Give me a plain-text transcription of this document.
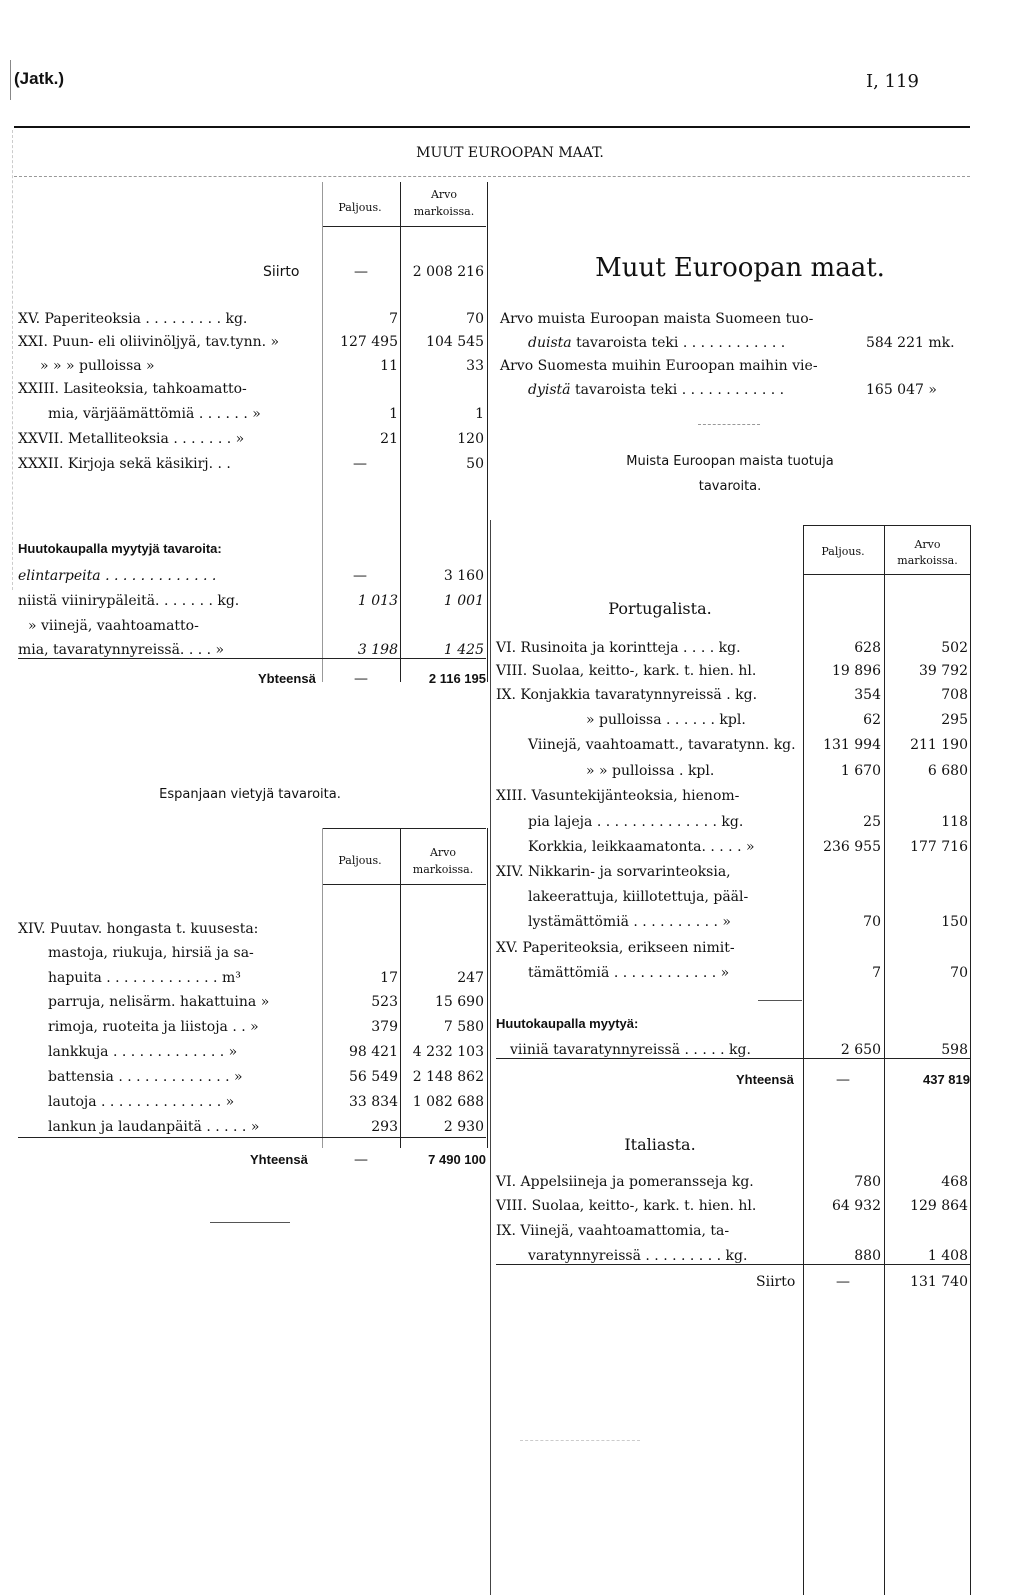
(Jatk.)	I, 119
MUUT EUROOPAN MAAT.
Paljous.
Arvo
markoissa.
Siirto	—	2 008 216
XV. Paperiteoksia . . . . . . . . . kg.	7	70
XXI. Puun- eli oliivinöljyä, tav.tynn. »	127 495	104 545
» » » pulloissa »	11	33
XXIII. Lasiteoksia, tahkoamatto-
mia, värjäämättömiä . . . . . . »	1	1
XXVII. Metalliteoksia . . . . . . . »	21	120
XXXII. Kirjoja sekä käsikirj. . .	—	50
Huutokaupalla myytyjä tavaroita:
elintarpeita . . . . . . . . . . . . .	—	3 160
niistä viinirypäleitä. . . . . . . kg.	1 013	1 001
» viinejä, vaahtoamatto-
mia, tavaratynnyreissä. . . . »	3 198	1 425
Ybteensä	—	2 116 195
Espanjaan vietyjä tavaroita.
Paljous.
Arvo
markoissa.
XIV. Puutav. hongasta t. kuusesta:
mastoja, riukuja, hirsiä ja sa-
hapuita . . . . . . . . . . . . . m³	17	247
parruja, nelisärm. hakattuina »	523	15 690
rimoja, ruoteita ja liistoja . . »	379	7 580
lankkuja . . . . . . . . . . . . . »	98 421	4 232 103
battensia . . . . . . . . . . . . . »	56 549	2 148 862
lautoja . . . . . . . . . . . . . . »	33 834	1 082 688
lankun ja laudanpäitä . . . . . »	293	2 930
Yhteensä	—	7 490 100
Muut Euroopan maat.
Arvo muista Euroopan maista Suomeen tuo-
duista tavaroista teki . . . . . . . . . . . .	584 221 mk.
Arvo Suomesta muihin Euroopan maihin vie-
dyistä tavaroista teki . . . . . . . . . . . .	165 047 »
Muista Euroopan maista tuotuja
tavaroita.
Paljous.
Arvo
markoissa.
Portugalista.
VI. Rusinoita ja korintteja . . . . kg.	628	502
VIII. Suolaa, keitto-, kark. t. hien. hl.	19 896	39 792
IX. Konjakkia tavaratynnyreissä . kg.	354	708
» pulloissa . . . . . . kpl.	62	295
Viinejä, vaahtoamatt., tavaratynn. kg.	131 994	211 190
» » pulloissa . kpl.	1 670	6 680
XIII. Vasuntekijänteoksia, hienom-
pia lajeja . . . . . . . . . . . . . . kg.	25	118
Korkkia, leikkaamatonta. . . . . »	236 955	177 716
XIV. Nikkarin- ja sorvarinteoksia,
lakeerattuja, kiillotettuja, pääl-
lystämättömiä . . . . . . . . . . »	70	150
XV. Paperiteoksia, erikseen nimit-
tämättömiä . . . . . . . . . . . . »	7	70
Huutokaupalla myytyä:
viiniä tavaratynnyreissä . . . . . kg.	2 650	598
Yhteensä	—	437 819
Italiasta.
VI. Appelsiineja ja pomeransseja kg.	780	468
VIII. Suolaa, keitto-, kark. t. hien. hl.	64 932	129 864
IX. Viinejä, vaahtoamattomia, ta-
varatynnyreissä . . . . . . . . . kg.	880	1 408
Siirto	—	131 740
